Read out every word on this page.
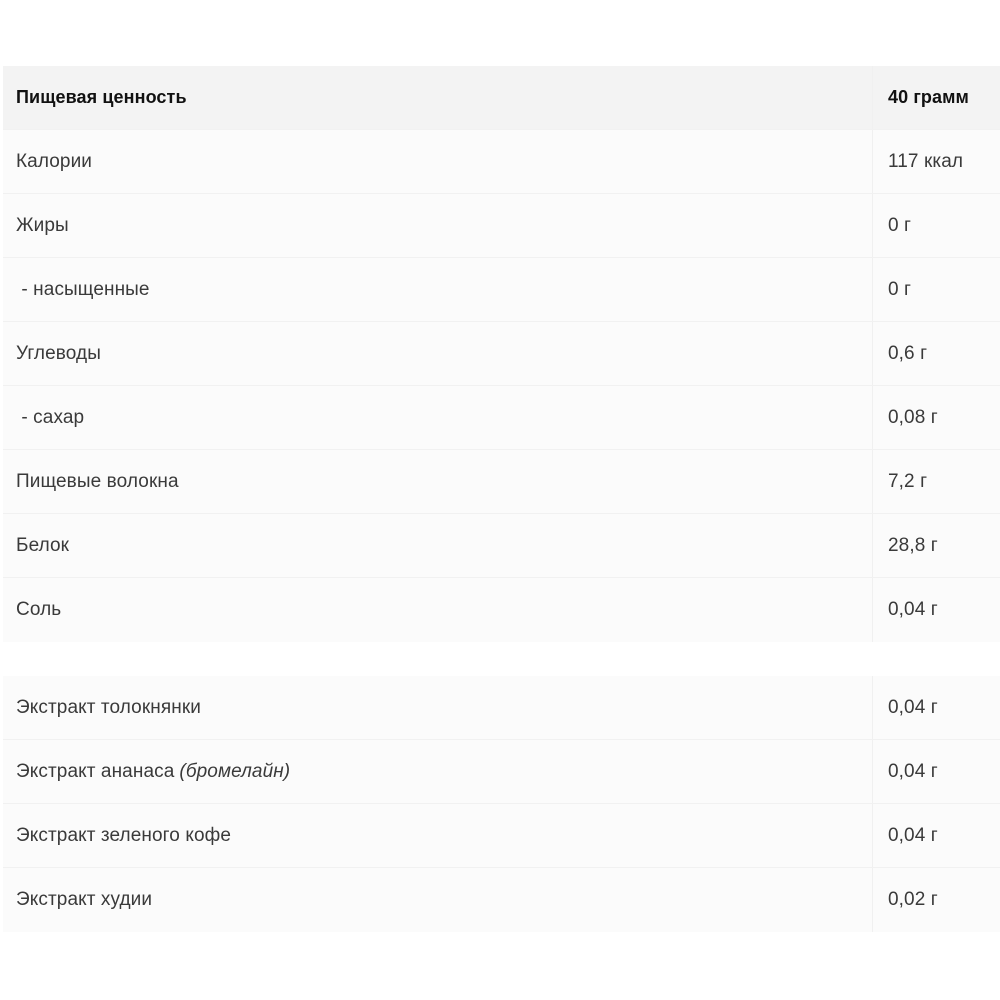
Пищевая ценность	40 грамм
Калории	117 ккал
Жиры	0 г
- насыщенные	0 г
Углеводы	0,6 г
- сахар	0,08 г
Пищевые волокна	7,2 г
Белок	28,8 г
Соль	0,04 г
Экстракт толокнянки	0,04 г
Экстракт ананаса (бромелайн)	0,04 г
Экстракт зеленого кофе	0,04 г
Экстракт худии	0,02 г
